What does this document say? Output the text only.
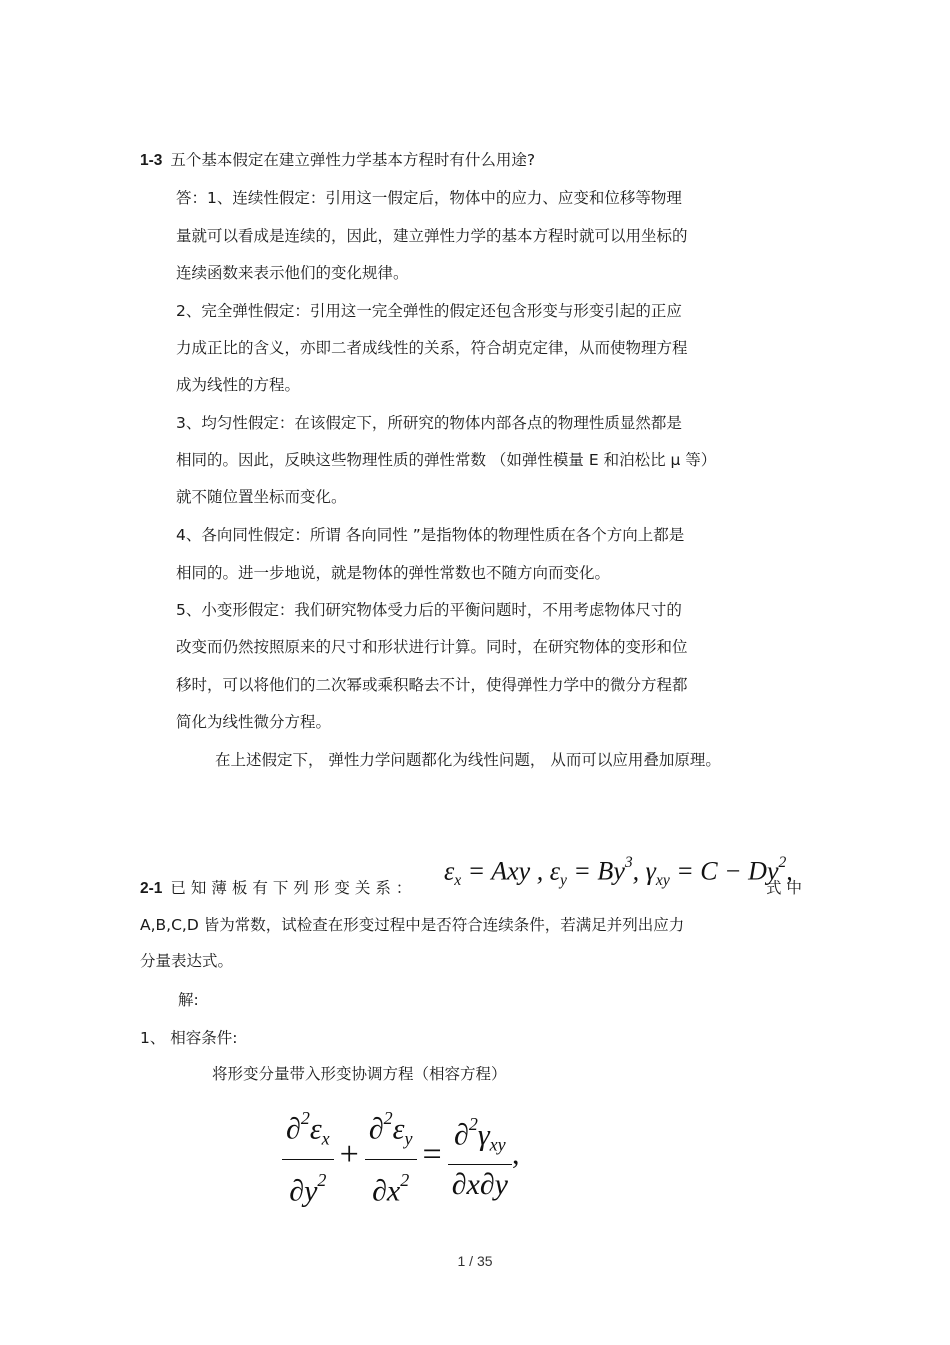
1-3 五个基本假定在建立弹性力学基本方程时有什么用途?
答：1、连续性假定：引用这一假定后，物体中的应力、应变和位移等物理
量就可以看成是连续的，因此，建立弹性力学的基本方程时就可以用坐标的
连续函数来表示他们的变化规律。
2、完全弹性假定：引用这一完全弹性的假定还包含形变与形变引起的正应
力成正比的含义，亦即二者成线性的关系，符合胡克定律，从而使物理方程
成为线性的方程。
3、均匀性假定：在该假定下，所研究的物体内部各点的物理性质显然都是
相同的。因此，反映这些物理性质的弹性常数 （如弹性模量 E 和泊松比 μ 等）
就不随位置坐标而变化。
4、各向同性假定：所谓 各向同性 ”是指物体的物理性质在各个方向上都是
相同的。进一步地说，就是物体的弹性常数也不随方向而变化。
5、小变形假定：我们研究物体受力后的平衡问题时，不用考虑物体尺寸的
改变而仍然按照原来的尺寸和形状进行计算。同时，在研究物体的变形和位
移时，可以将他们的二次幂或乘积略去不计，使得弹性力学中的微分方程都
简化为线性微分方程。
在上述假定下， 弹性力学问题都化为线性问题， 从而可以应用叠加原理。
2-1 已知薄板有下列形变关系：
$\varepsilon_x$ = Axy , $\varepsilon_y = By^3$, $\gamma_{xy} = C - Dy^2$,
式中
A,B,C,D 皆为常数，试检查在形变过程中是否符合连续条件，若满足并列出应力
分量表达式。
解:
1、 相容条件:
将形变分量带入形变协调方程（相容方程）
$\frac{\partial^2\varepsilon_x}{\partial y^2} + \frac{\partial^2\varepsilon_y}{\partial x^2} = \frac{\partial^2\gamma_{xy}}{\partial x\partial y}$ ,
1 / 35
